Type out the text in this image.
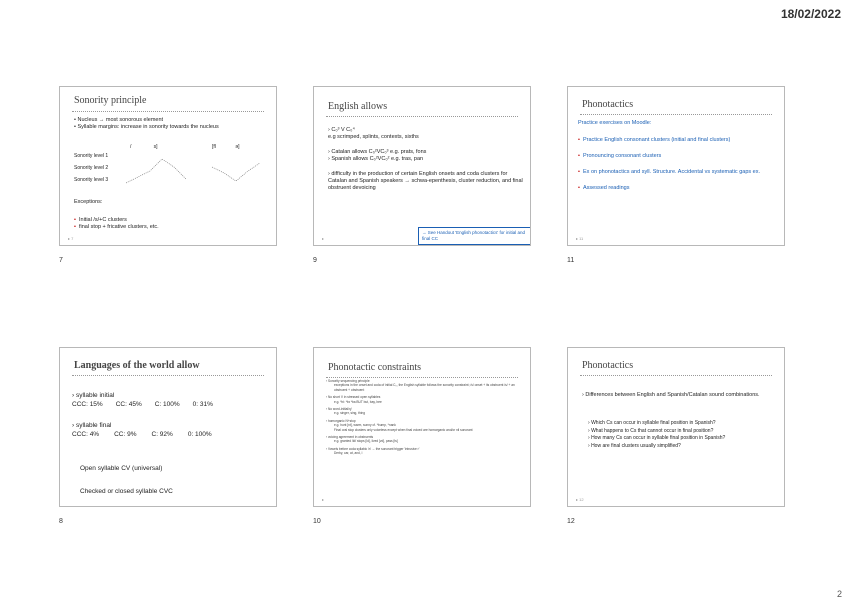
18/02/2022
Sonority principle
• Nucleus → most sonorous element
• Syllable margins: increase in sonority towards the nucleus
/	s]	[fl	ə]
Sonority level 1
Sonority level 2
Sonority level 3
Exceptions:
• Initial /s/+C clusters
• final stop + fricative clusters, etc.
▸ 7
7
English allows
› C₀³ V C₀⁴
e.g scrimped, splints, contexts, sixths
› Catalan allows C₀²VC₀³ e.g. prats, fons
› Spanish allows C₀²VC₀² e.g. tras, pan
› difficulty in the production of certain English onsets and coda clusters for Catalan and Spanish speakers → schwa-epenthesis, cluster reduction, and final obstruent devoicing
→ See Handout 'English phonotactics' for initial and final CC
▸
9
Phonotactics
Practice exercises on Moodle:
• Practice English consonant clusters (initial and final clusters)
• Pronouncing consonant clusters
• Ex on phonotactics and syll. Structure. Accidental vs systematic gaps ex.
• Assessed readings
▸ 11
11
Languages of the world allow
› syllable initial
CCC: 15% CC: 45% C: 100% 0: 31%
› syllable final
CCC: 4% CC: 9% C: 92% 0: 100%
Open syllable CV (universal)
Checked or closed syllable CVC
8
Phonotactic constraints
› Sonority sequencing principle
exceptions in the onset and coda of initial C₀, the English syllable follows the sonority constraint; /s/ onset + its obstruent /s/ + an obstruent + obstruent
› No short V in stressed open syllables
e.g. *bi: *bɪ *ba BUT but, bay, bee
› No word-initial/ŋ/
e.g. singer, sing, thing
› homorganic N+stop
e.g. hunt [nt], warm, sunny cf. *bump, *nank
Final oral stop clusters only voiceless except when final voiced are homorganic and/or nil sonorant
› voicing agreement in obstruents
e.g. granted /ld/ stops [ld], lived [vd], pass [ts]
› Vowels before coda syllabic /r/ → the sonorant trigger 'intrusive r'
Derby, car, at, and, l
▸
10
Phonotactics
› Differences between English and Spanish/Catalan sound combinations.
› Which Cs can occur in syllable final position in Spanish?
› What happens to Cs that cannot occur in final position?
› How many Cs can occur in syllable final position in Spanish?
› How are final clusters usually simplified?
▸ 12
12
2
